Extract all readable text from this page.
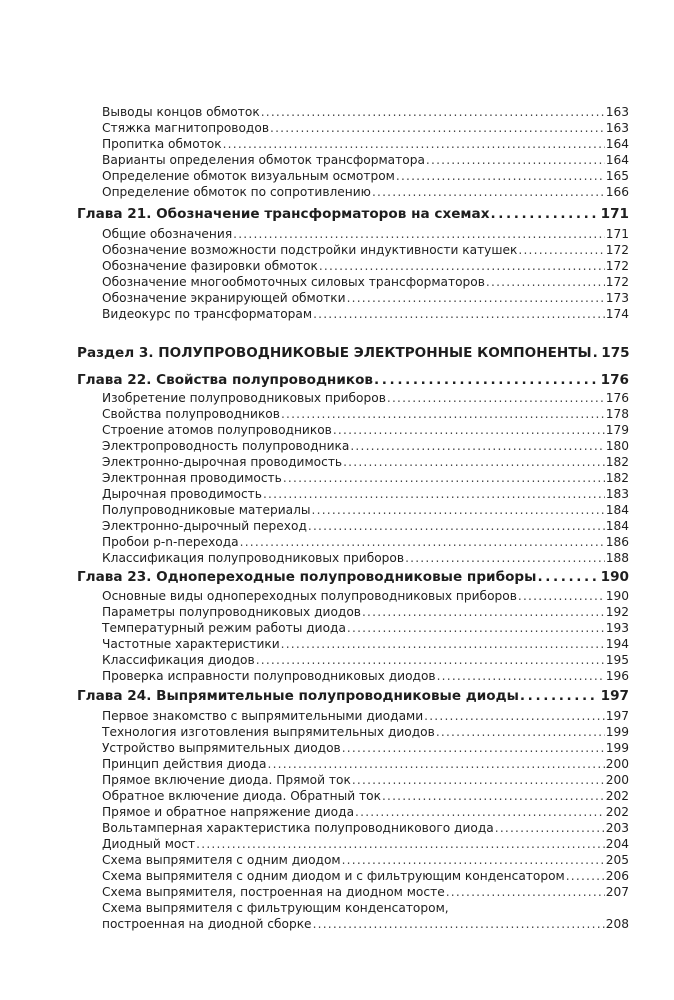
Выводы концов обмоток .....	163
Стяжка магнитопроводов .....	163
Пропитка обмоток .....	164
Варианты определения обмоток трансформатора .....	164
Определение обмоток визуальным осмотром .....	165
Определение обмоток по сопротивлению .....	166
Глава 21. Обозначение трансформаторов на схемах .....	171
Общие обозначения .....	171
Обозначение возможности подстройки индуктивности катушек .....	172
Обозначение фазировки обмоток .....	172
Обозначение многообмоточных силовых трансформаторов .....	172
Обозначение экранирующей обмотки .....	173
Видеокурс по трансформаторам .....	174
Раздел 3. ПОЛУПРОВОДНИКОВЫЕ ЭЛЕКТРОННЫЕ КОМПОНЕНТЫ ..... 175
Глава 22. Свойства полупроводников .....	176
Изобретение полупроводниковых приборов .....	176
Свойства полупроводников .....	178
Строение атомов полупроводников .....	179
Электропроводность полупроводника .....	180
Электронно-дырочная проводимость .....	182
Электронная проводимость .....	182
Дырочная проводимость .....	183
Полупроводниковые материалы .....	184
Электронно-дырочный переход .....	184
Пробои p-n-перехода .....	186
Классификация полупроводниковых приборов .....	188
Глава 23. Однопереходные полупроводниковые приборы .....	190
Основные виды однопереходных полупроводниковых приборов .....	190
Параметры полупроводниковых диодов .....	192
Температурный режим работы диода .....	193
Частотные характеристики .....	194
Классификация диодов .....	195
Проверка исправности полупроводниковых диодов .....	196
Глава 24. Выпрямительные полупроводниковые диоды .....	197
Первое знакомство с выпрямительными диодами .....	197
Технология изготовления выпрямительных диодов .....	199
Устройство выпрямительных диодов .....	199
Принцип действия диода .....	200
Прямое включение диода. Прямой ток .....	200
Обратное включение диода. Обратный ток .....	202
Прямое и обратное напряжение диода .....	202
Вольтамперная характеристика полупроводникового диода .....	203
Диодный мост .....	204
Схема выпрямителя с одним диодом .....	205
Схема выпрямителя с одним диодом и с фильтрующим конденсатором .....	206
Схема выпрямителя, построенная на диодном мосте .....	207
Схема выпрямителя с фильтрующим конденсатором,
построенная на диодной сборке .....	208
